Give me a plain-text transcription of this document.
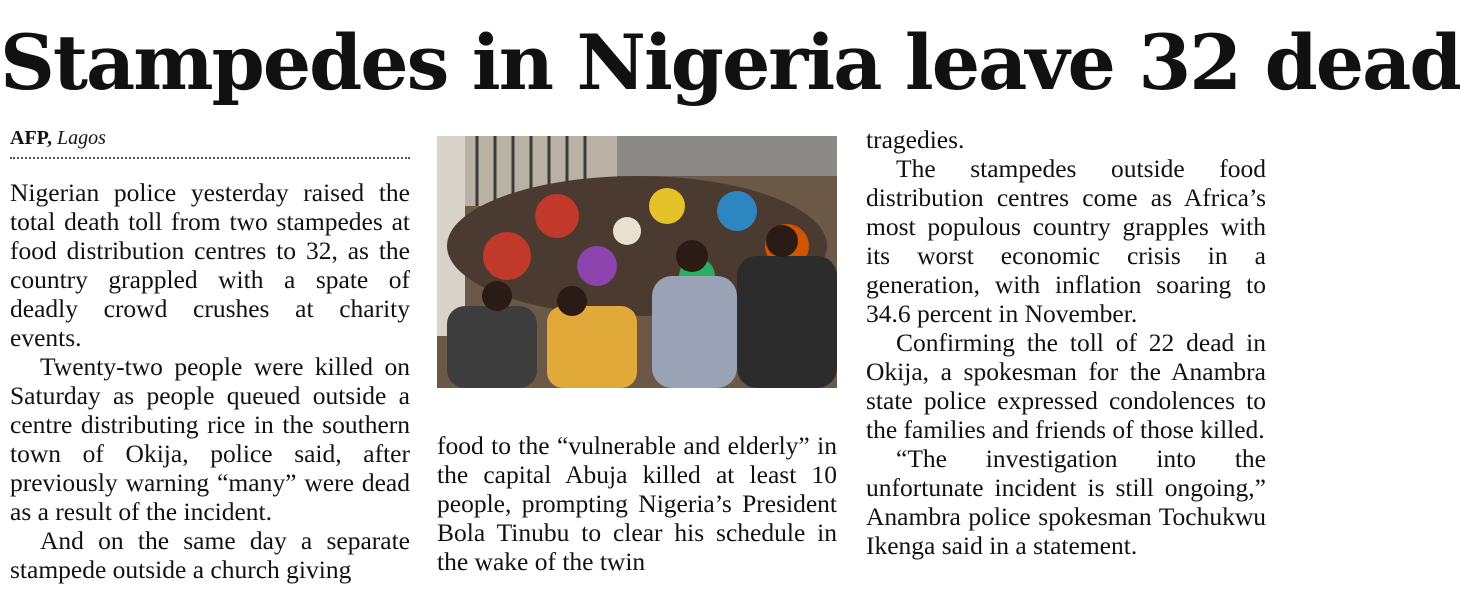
Stampedes in Nigeria leave 32 dead
AFP, Lagos

Nigerian police yesterday raised the total death toll from two stampedes at food distribution centres to 32, as the country grappled with a spate of deadly crowd crushes at charity events.

Twenty-two people were killed on Saturday as people queued outside a centre distributing rice in the southern town of Okija, police said, after previously warning “many” were dead as a result of the incident.

And on the same day a separate stampede outside a church giving

food to the “vulnerable and elderly” in the capital Abuja killed at least 10 people, prompting Nigeria’s President Bola Tinubu to clear his schedule in the wake of the twin

tragedies.

The stampedes outside food distribution centres come as Africa’s most populous country grapples with its worst economic crisis in a generation, with inflation soaring to 34.6 percent in November.

Confirming the toll of 22 dead in Okija, a spokesman for the Anambra state police expressed condolences to the families and friends of those killed.

“The investigation into the unfortunate incident is still ongoing,” Anambra police spokesman Tochukwu Ikenga said in a statement.
